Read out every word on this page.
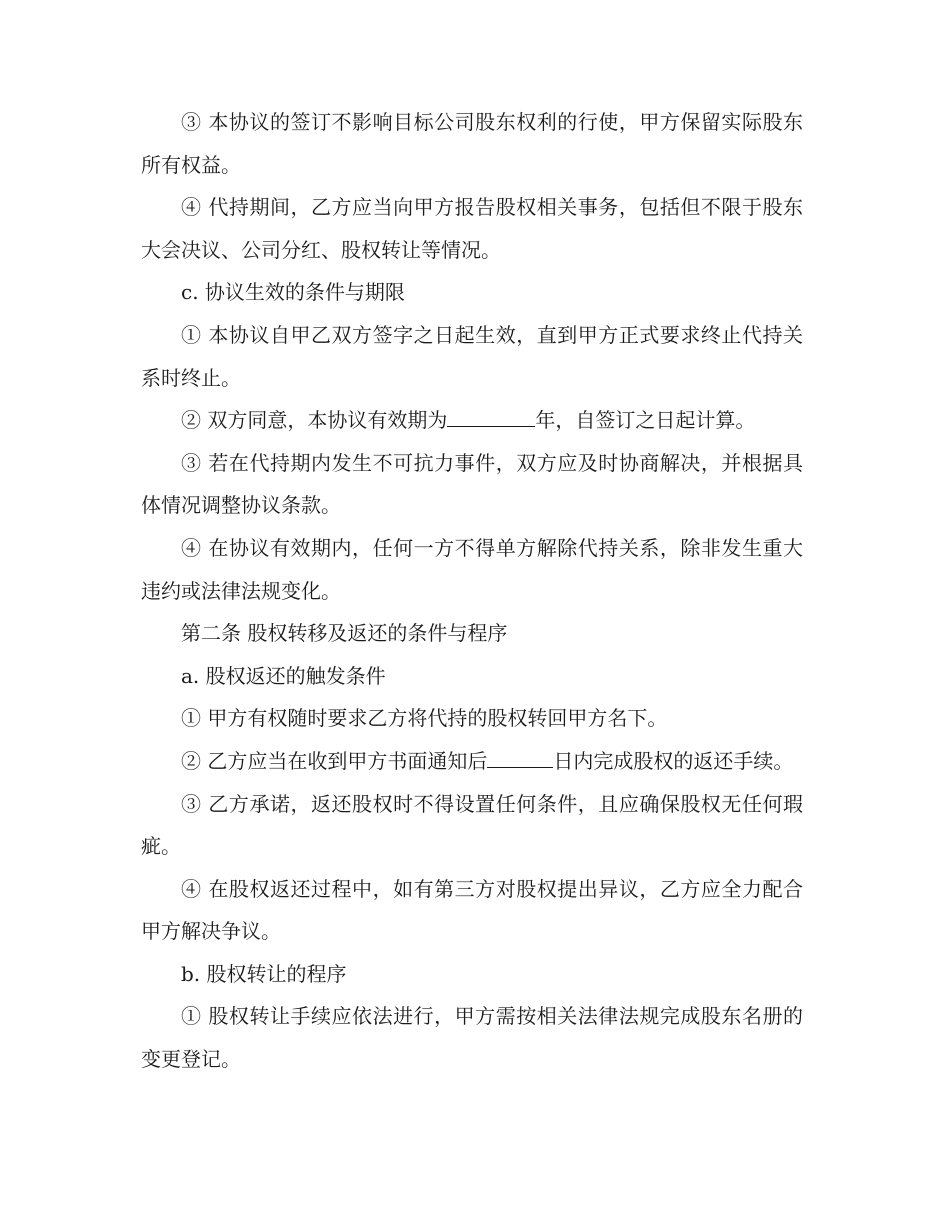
③ 本协议的签订不影响目标公司股东权利的行使，甲方保留实际股东所有权益。

④ 代持期间，乙方应当向甲方报告股权相关事务，包括但不限于股东大会决议、公司分红、股权转让等情况。

c. 协议生效的条件与期限

① 本协议自甲乙双方签字之日起生效，直到甲方正式要求终止代持关系时终止。

② 双方同意，本协议有效期为	年，自签订之日起计算。

③ 若在代持期内发生不可抗力事件，双方应及时协商解决，并根据具体情况调整协议条款。

④ 在协议有效期内，任何一方不得单方解除代持关系，除非发生重大违约或法律法规变化。

第二条 股权转移及返还的条件与程序

a. 股权返还的触发条件

① 甲方有权随时要求乙方将代持的股权转回甲方名下。

② 乙方应当在收到甲方书面通知后	日内完成股权的返还手续。

③ 乙方承诺，返还股权时不得设置任何条件，且应确保股权无任何瑕疵。

④ 在股权返还过程中，如有第三方对股权提出异议，乙方应全力配合甲方解决争议。

b. 股权转让的程序

① 股权转让手续应依法进行，甲方需按相关法律法规完成股东名册的变更登记。
